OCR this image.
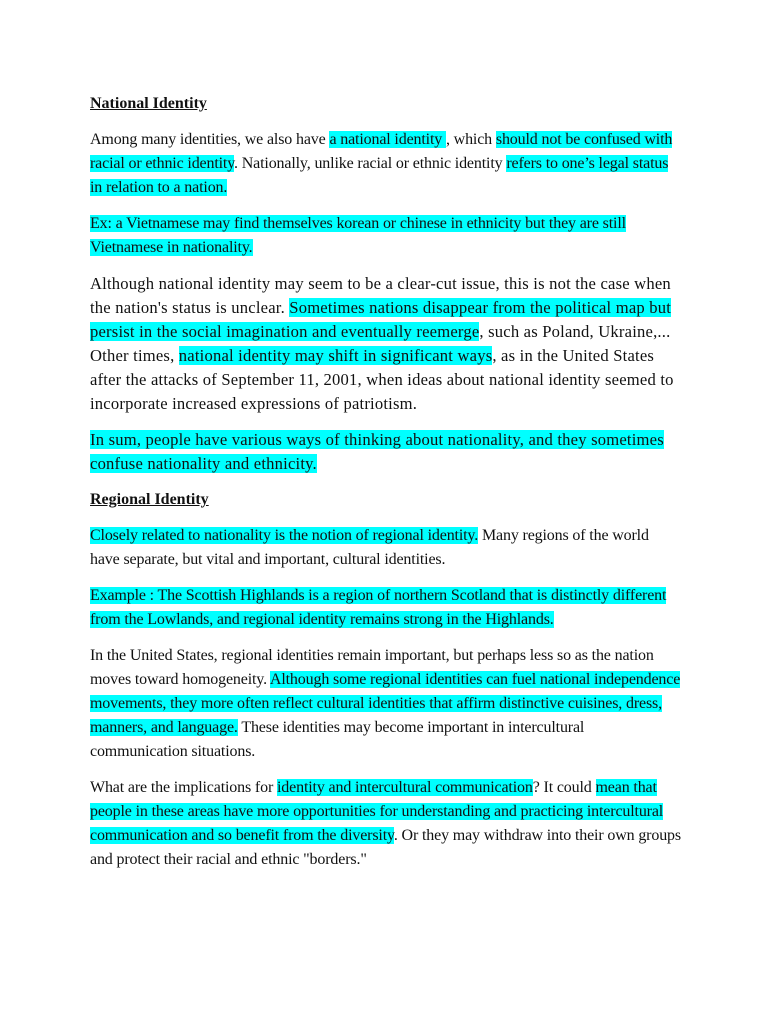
National Identity

Among many identities, we also have a national identity , which should not be confused with racial or ethnic identity. Nationally, unlike racial or ethnic identity refers to one’s legal status in relation to a nation.

Ex: a Vietnamese may find themselves korean or chinese in ethnicity but they are still Vietnamese in nationality.

Although national identity may seem to be a clear-cut issue, this is not the case when the nation's status is unclear. Sometimes nations disappear from the political map but persist in the social imagination and eventually reemerge, such as Poland, Ukraine,... Other times, national identity may shift in significant ways, as in the United States after the attacks of September 11, 2001, when ideas about national identity seemed to incorporate increased expressions of patriotism.

In sum, people have various ways of thinking about nationality, and they sometimes confuse nationality and ethnicity.

Regional Identity

Closely related to nationality is the notion of regional identity. Many regions of the world have separate, but vital and important, cultural identities.

Example : The Scottish Highlands is a region of northern Scotland that is distinctly different from the Lowlands, and regional identity remains strong in the Highlands.

In the United States, regional identities remain important, but perhaps less so as the nation moves toward homogeneity. Although some regional identities can fuel national independence movements, they more often reflect cultural identities that affirm distinctive cuisines, dress, manners, and language. These identities may become important in intercultural communication situations.

What are the implications for identity and intercultural communication? It could mean that people in these areas have more opportunities for understanding and practicing intercultural communication and so benefit from the diversity. Or they may withdraw into their own groups and protect their racial and ethnic "borders."
